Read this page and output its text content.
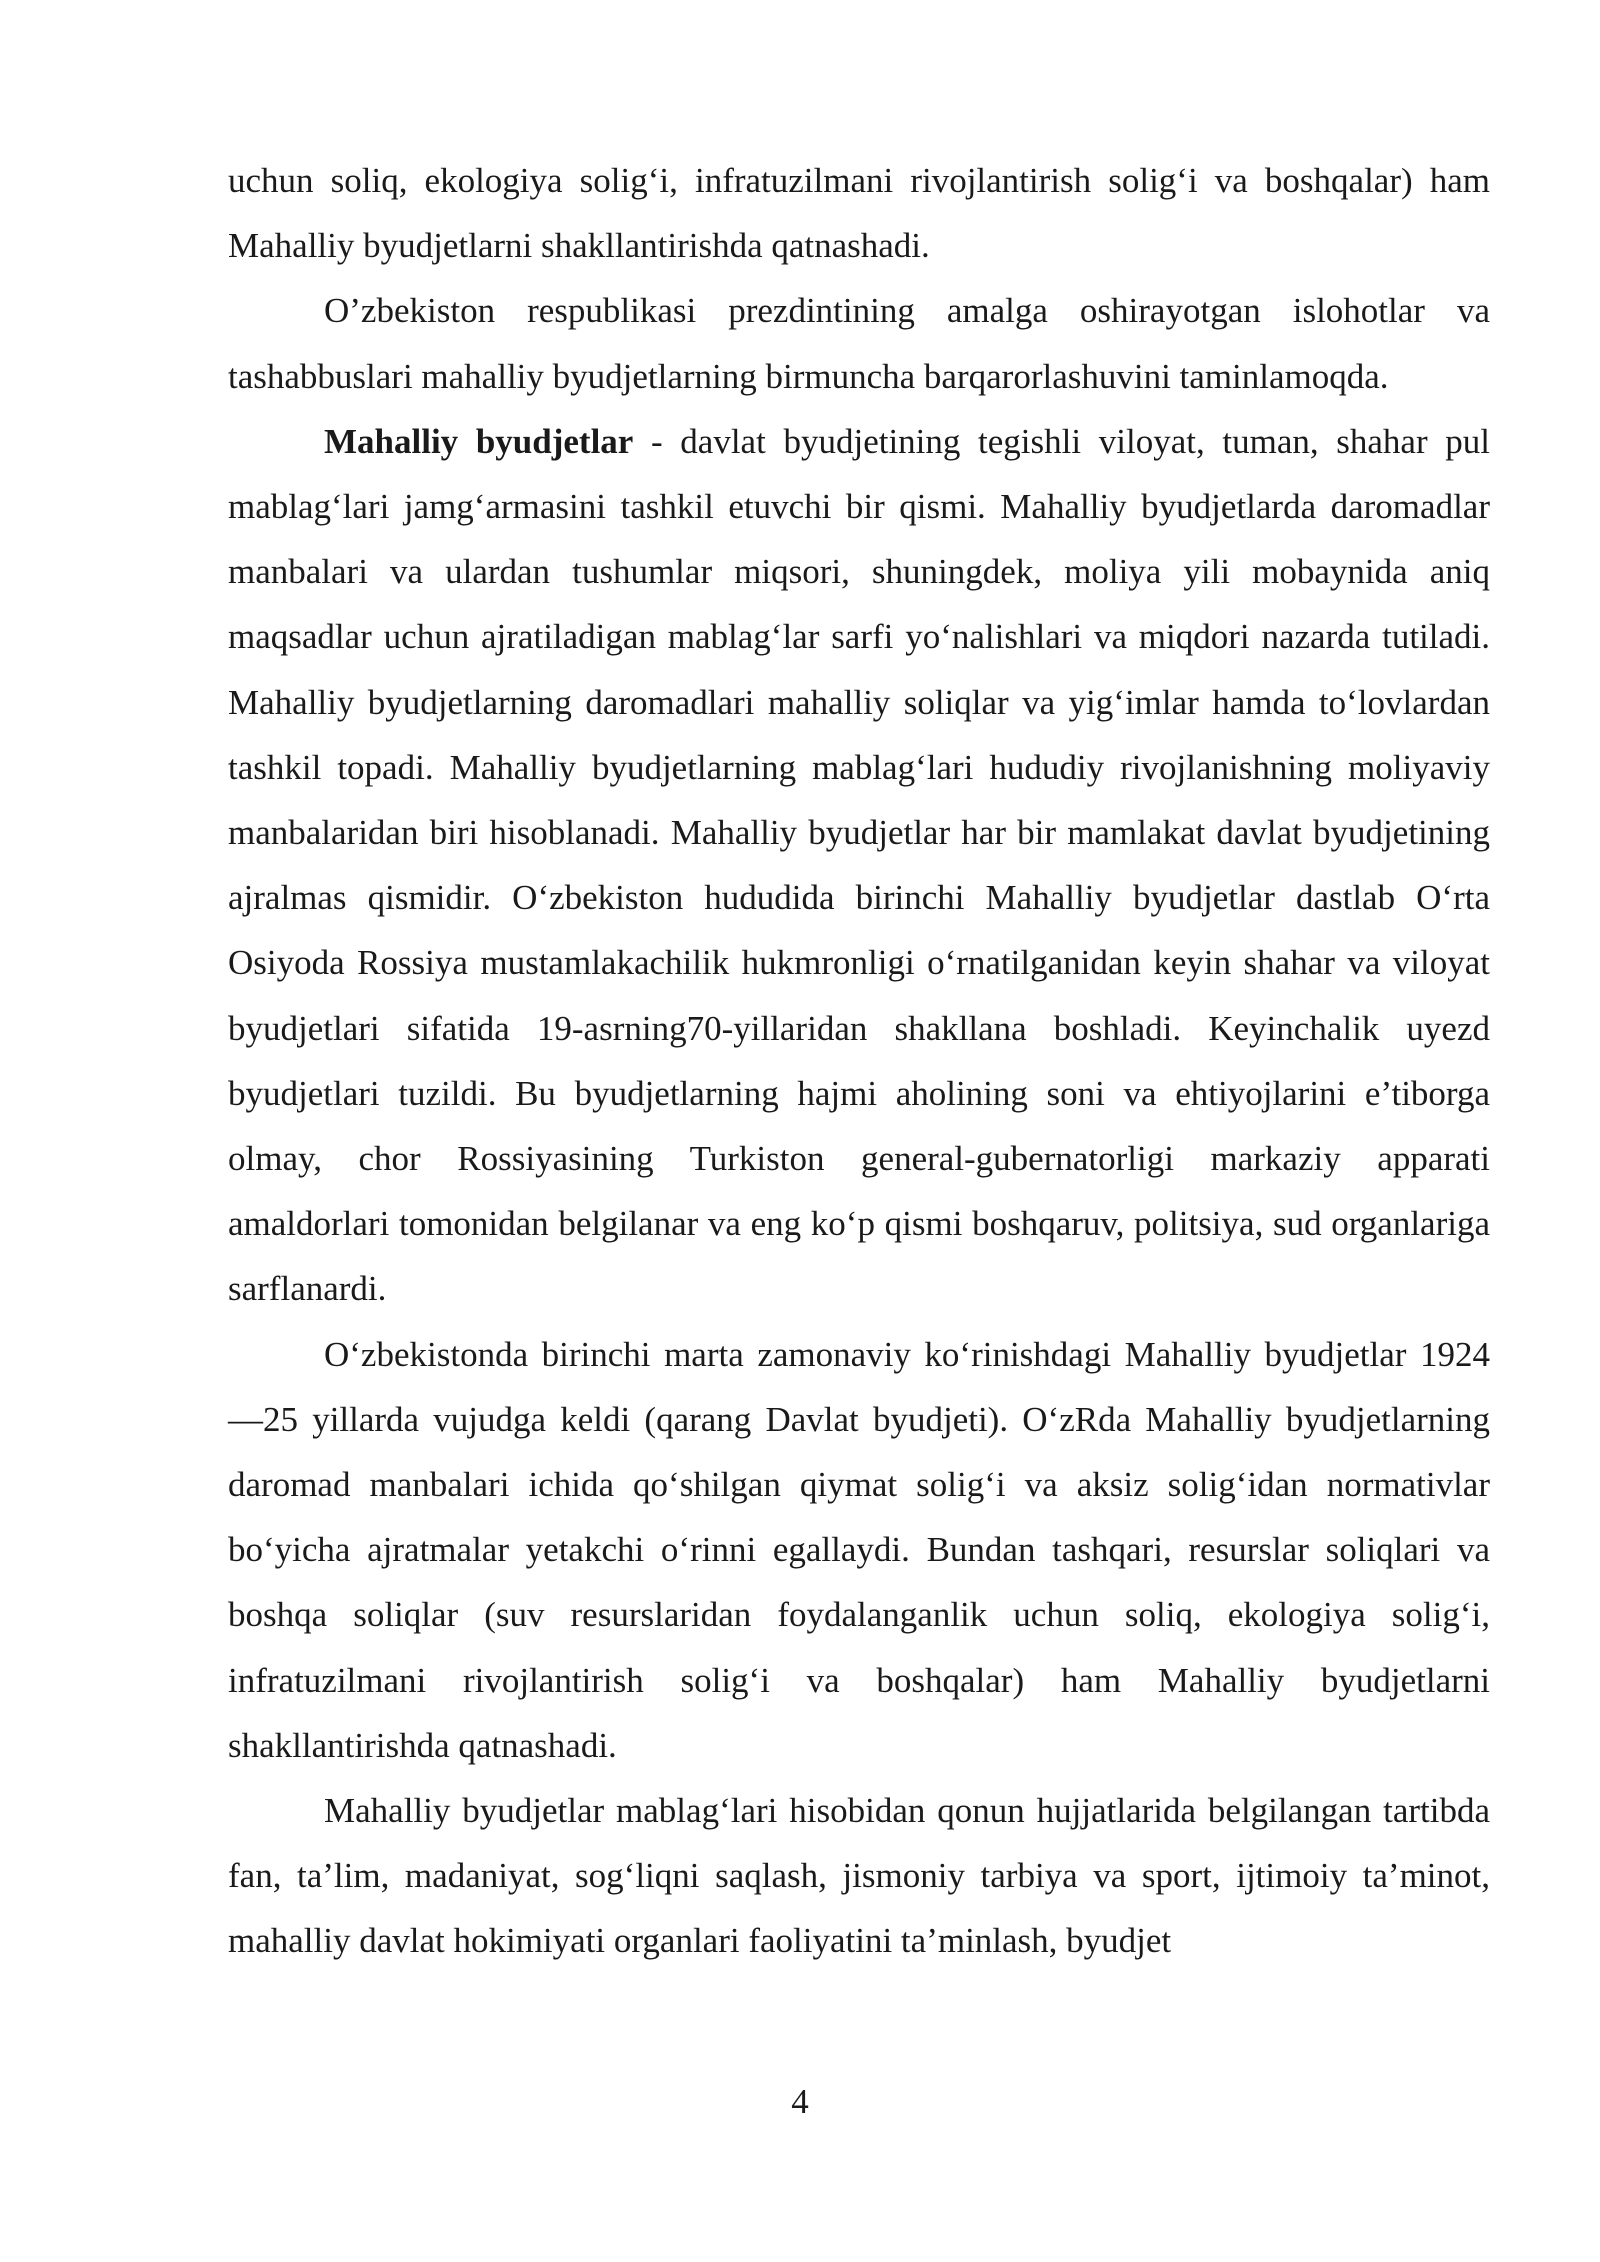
uchun soliq, ekologiya solig‘i, infratuzilmani rivojlantirish solig‘i va boshqalar) ham Mahalliy byudjetlarni shakllantirishda qatnashadi.

O’zbekiston respublikasi prezdintining amalga oshirayotgan islohotlar va tashabbuslari mahalliy byudjetlarning birmuncha barqarorlashuvini taminlamoqda.

Mahalliy byudjetlar - davlat byudjetining tegishli viloyat, tuman, shahar pul mablag‘lari jamg‘armasini tashkil etuvchi bir qismi. Mahalliy byudjetlarda daromadlar manbalari va ulardan tushumlar miqsori, shuningdek, moliya yili mobaynida aniq maqsadlar uchun ajratiladigan mablag‘lar sarfi yo‘nalishlari va miqdori nazarda tutiladi. Mahalliy byudjetlarning daromadlari mahalliy soliqlar va yig‘imlar hamda to‘lovlardan tashkil topadi. Mahalliy byudjetlarning mablag‘lari hududiy rivojlanishning moliyaviy manbalaridan biri hisoblanadi. Mahalliy byudjetlar har bir mamlakat davlat byudjetining ajralmas qismidir. O‘zbekiston hududida birinchi Mahalliy byudjetlar dastlab O‘rta Osiyoda Rossiya mustamlakachilik hukmronligi o‘rnatilganidan keyin shahar va viloyat byudjetlari sifatida 19-asrning70-yillaridan shakllana boshladi. Keyinchalik uyezd byudjetlari tuzildi. Bu byudjetlarning hajmi aholining soni va ehtiyojlarini e’tiborga olmay, chor Rossiyasining Turkiston general-gubernatorligi markaziy apparati amaldorlari tomonidan belgilanar va eng ko‘p qismi boshqaruv, politsiya, sud organlariga sarflanardi.

O‘zbekistonda birinchi marta zamonaviy ko‘rinishdagi Mahalliy byudjetlar 1924—25 yillarda vujudga keldi (qarang Davlat byudjeti). O‘zRda Mahalliy byudjetlarning daromad manbalari ichida qo‘shilgan qiymat solig‘i va aksiz solig‘idan normativlar bo‘yicha ajratmalar yetakchi o‘rinni egallaydi. Bundan tashqari, resurslar soliqlari va boshqa soliqlar (suv resurslaridan foydalanganlik uchun soliq, ekologiya solig‘i, infratuzilmani rivojlantirish solig‘i va boshqalar) ham Mahalliy byudjetlarni shakllantirishda qatnashadi.

Mahalliy byudjetlar mablag‘lari hisobidan qonun hujjatlarida belgilangan tartibda fan, ta’lim, madaniyat, sog‘liqni saqlash, jismoniy tarbiya va sport, ijtimoiy ta’minot, mahalliy davlat hokimiyati organlari faoliyatini ta’minlash, byudjet

4
